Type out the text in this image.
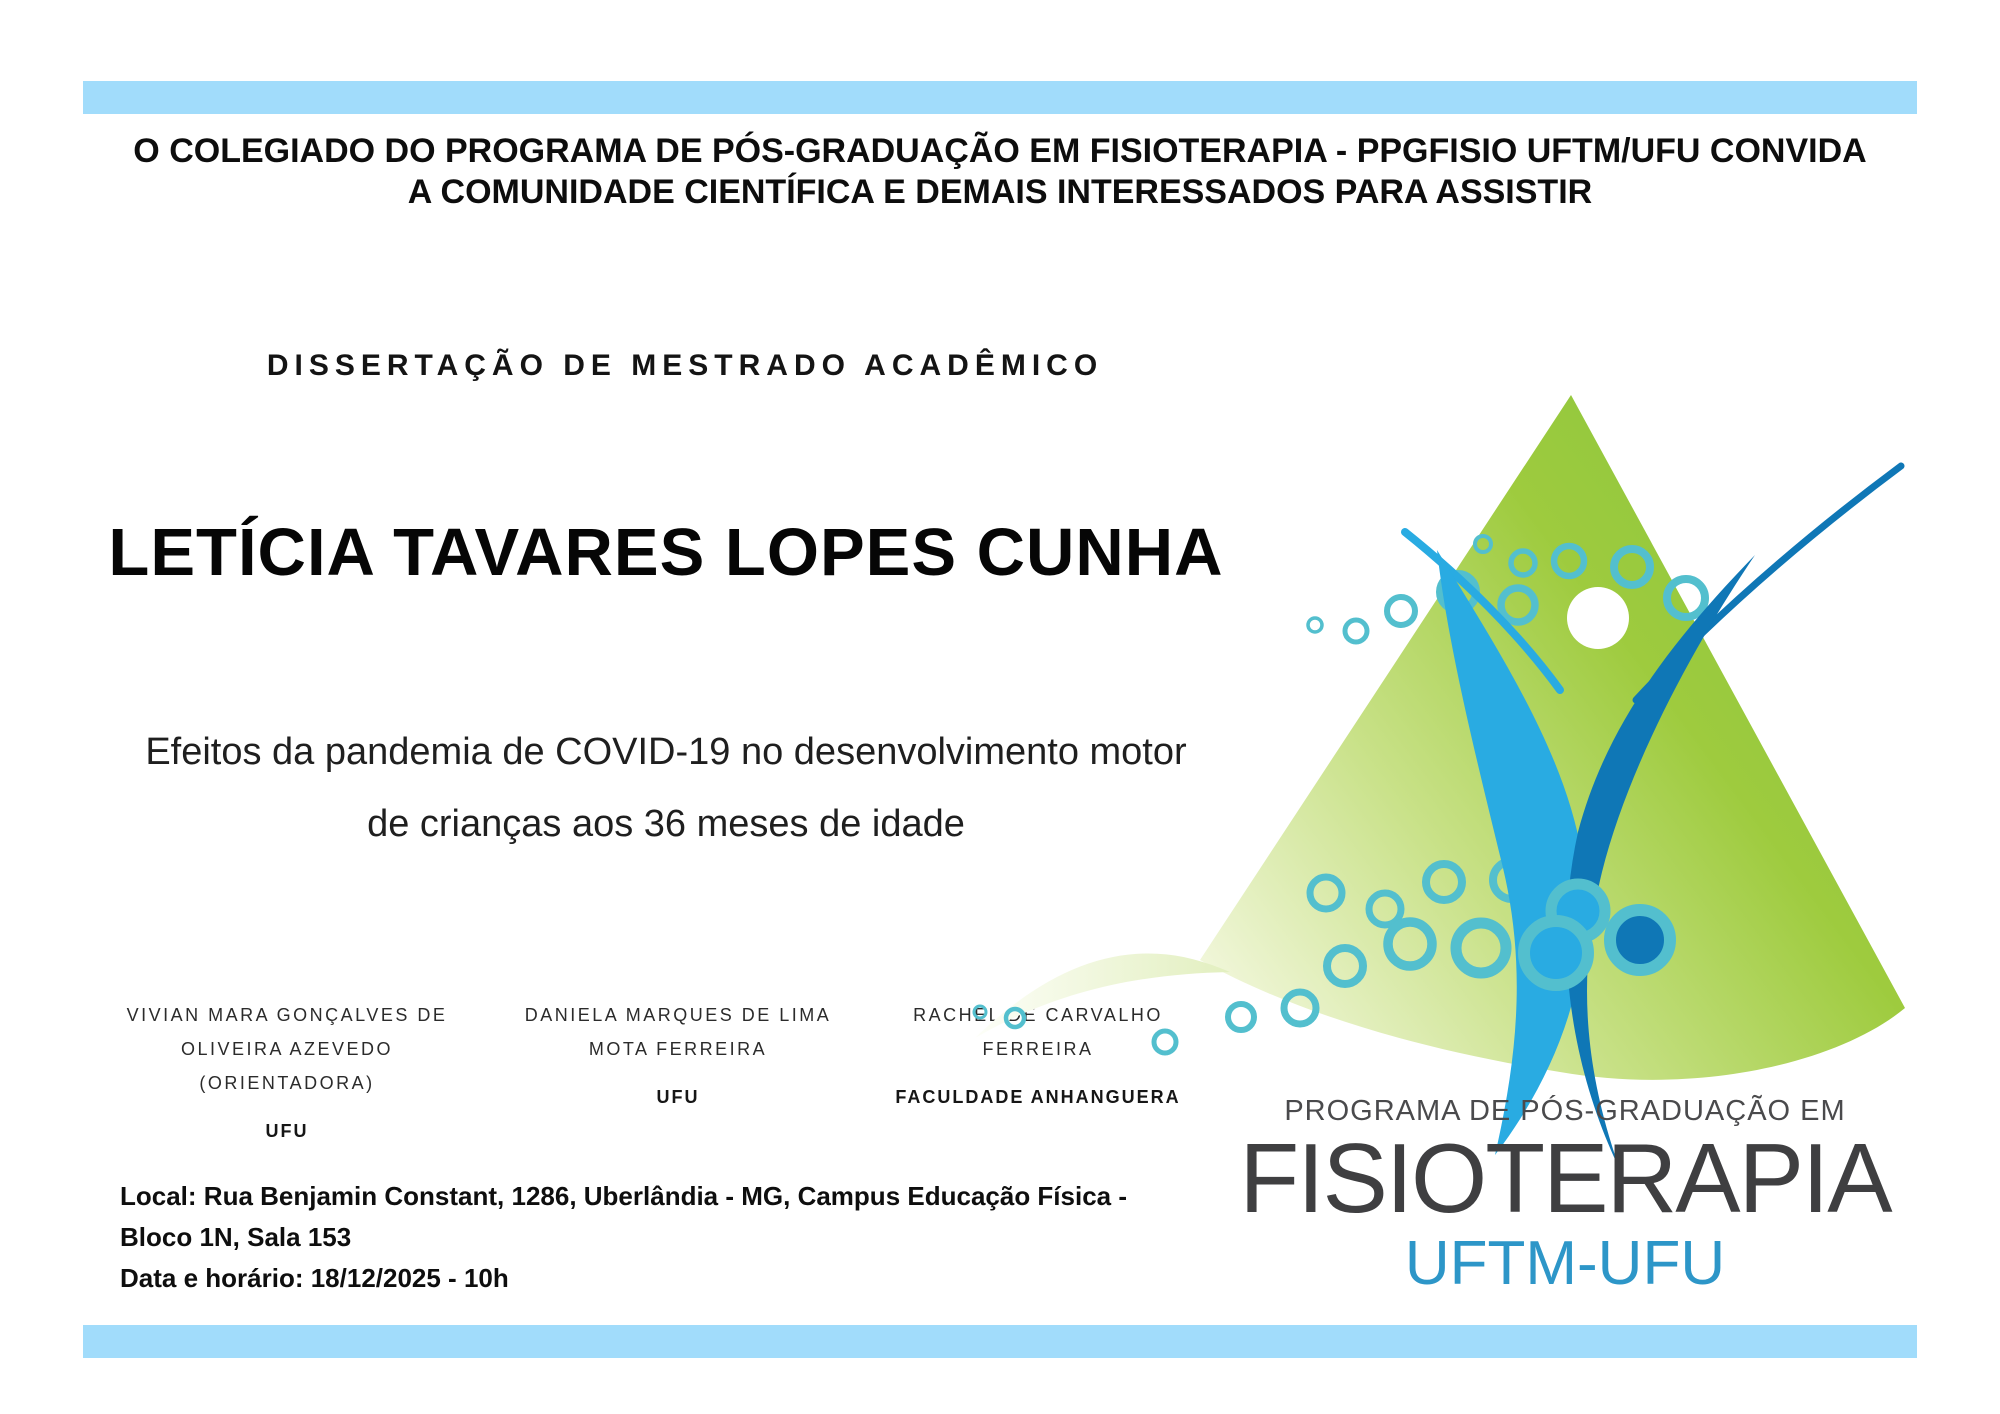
O COLEGIADO DO PROGRAMA DE PÓS-GRADUAÇÃO EM FISIOTERAPIA - PPGFISIO UFTM/UFU CONVIDA
A COMUNIDADE CIENTÍFICA E DEMAIS INTERESSADOS PARA ASSISTIR
DISSERTAÇÃO DE MESTRADO ACADÊMICO
LETÍCIA TAVARES LOPES CUNHA
Efeitos da pandemia de COVID-19 no desenvolvimento motor
de crianças aos 36 meses de idade
VIVIAN MARA GONÇALVES DE
OLIVEIRA AZEVEDO
(ORIENTADORA)
UFU
DANIELA MARQUES DE LIMA
MOTA FERREIRA
UFU
RACHEL DE CARVALHO
FERREIRA
FACULDADE ANHANGUERA
Local: Rua Benjamin Constant, 1286, Uberlândia - MG, Campus Educação Física - Bloco 1N, Sala 153
Data e horário: 18/12/2025 - 10h
PROGRAMA DE PÓS-GRADUAÇÃO EM
FISIOTERAPIA
UFTM-UFU
